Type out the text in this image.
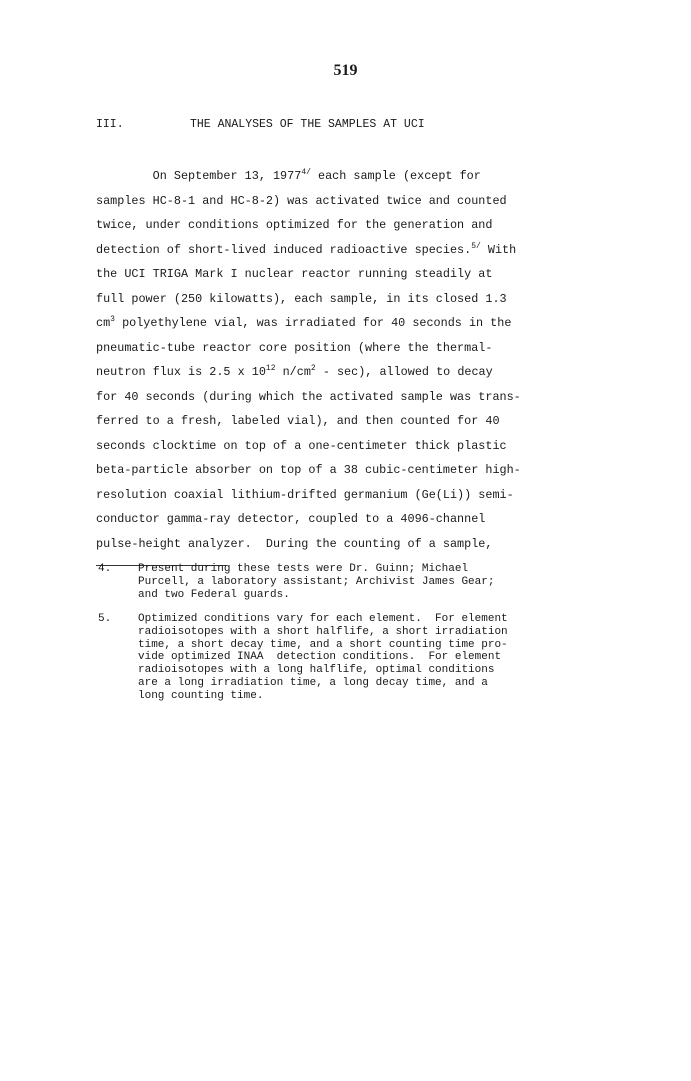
519
III.	THE ANALYSES OF THE SAMPLES AT UCI
On September 13, $1977^{4/}$ each sample (except for
samples HC-8-1 and HC-8-2) was activated twice and counted
twice, under conditions optimized for the generation and
detection of short-lived induced radioactive species.$^{5/}$ With
the UCI TRIGA Mark I nuclear reactor running steadily at
full power (250 kilowatts), each sample, in its closed 1.3
$cm^3$ polyethylene vial, was irradiated for 40 seconds in the
pneumatic-tube reactor core position (where the thermal-
neutron flux is 2.5 x $10^{12}$ $n/cm^2 - \sec$), allowed to decay
for 40 seconds (during which the activated sample was trans-
ferred to a fresh, labeled vial), and then counted for 40
seconds clocktime on top of a one-centimeter thick plastic
beta-particle absorber on top of a 38 cubic-centimeter high-
resolution coaxial lithium-drifted germanium (Ge(Li)) semi-
conductor gamma-ray detector, coupled to a 4096-channel
pulse-height analyzer.  During the counting of a sample,
4. Present during these tests were Dr. Guinn; Michael
Purcell, a laboratory assistant; Archivist James Gear;
and two Federal guards.
5. Optimized conditions vary for each element.  For element
radioisotopes with a short halflife, a short irradiation
time, a short decay time, and a short counting time pro-
vide optimized INAA  detection conditions.  For element
radioisotopes with a long halflife, optimal conditions
are a long irradiation time, a long decay time, and a
long counting time.
